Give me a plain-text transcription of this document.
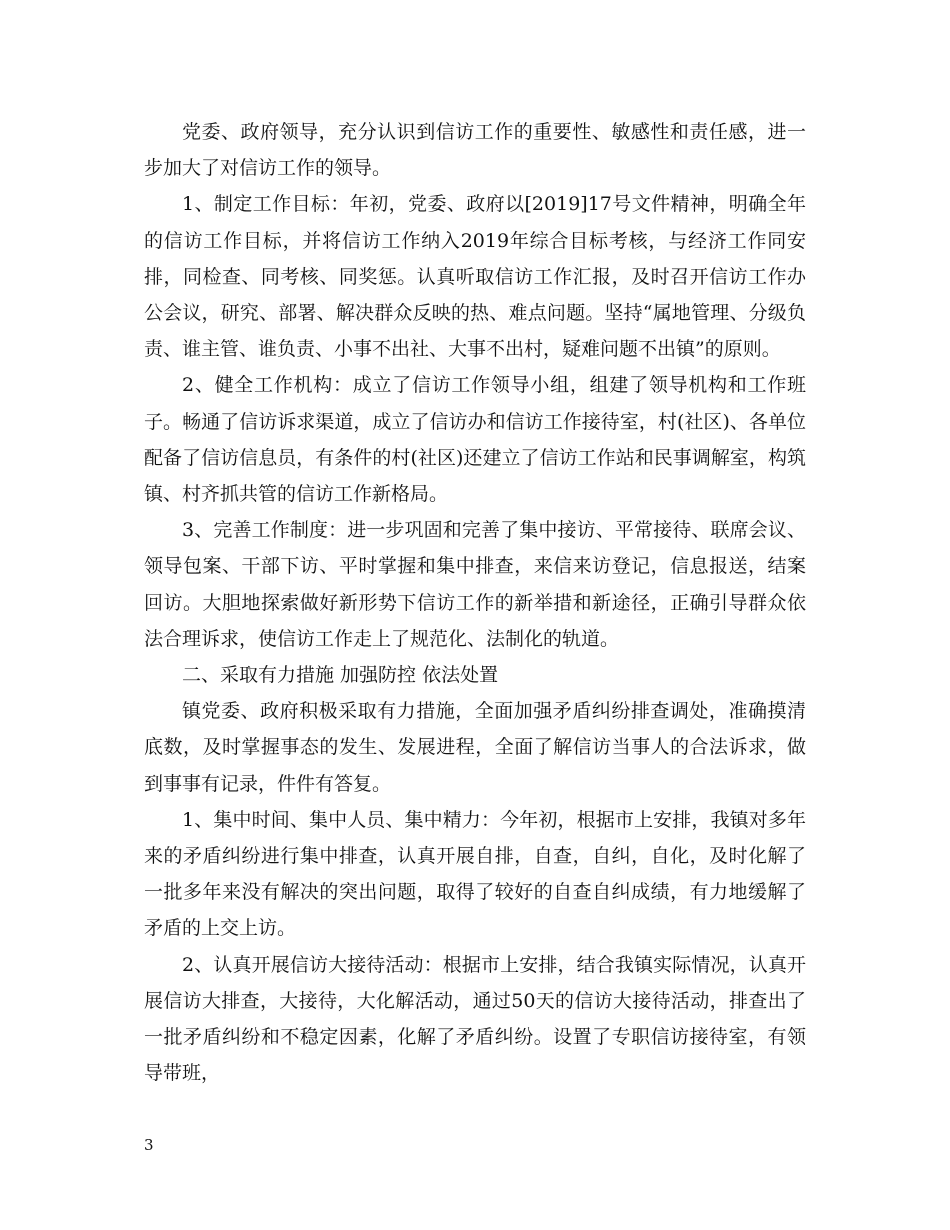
党委、政府领导，充分认识到信访工作的重要性、敏感性和责任感，进一步加大了对信访工作的领导。

1、制定工作目标：年初，党委、政府以[2019]17号文件精神，明确全年的信访工作目标，并将信访工作纳入2019年综合目标考核，与经济工作同安排，同检查、同考核、同奖惩。认真听取信访工作汇报，及时召开信访工作办公会议，研究、部署、解决群众反映的热、难点问题。坚持“属地管理、分级负责、谁主管、谁负责、小事不出社、大事不出村，疑难问题不出镇”的原则。

2、健全工作机构：成立了信访工作领导小组，组建了领导机构和工作班子。畅通了信访诉求渠道，成立了信访办和信访工作接待室，村(社区)、各单位配备了信访信息员，有条件的村(社区)还建立了信访工作站和民事调解室，构筑镇、村齐抓共管的信访工作新格局。

3、完善工作制度：进一步巩固和完善了集中接访、平常接待、联席会议、领导包案、干部下访、平时掌握和集中排查，来信来访登记，信息报送，结案回访。大胆地探索做好新形势下信访工作的新举措和新途径，正确引导群众依法合理诉求，使信访工作走上了规范化、法制化的轨道。

二、采取有力措施 加强防控 依法处置

镇党委、政府积极采取有力措施，全面加强矛盾纠纷排查调处，准确摸清底数，及时掌握事态的发生、发展进程，全面了解信访当事人的合法诉求，做到事事有记录，件件有答复。

1、集中时间、集中人员、集中精力：今年初，根据市上安排，我镇对多年来的矛盾纠纷进行集中排查，认真开展自排，自查，自纠，自化，及时化解了一批多年来没有解决的突出问题，取得了较好的自查自纠成绩，有力地缓解了矛盾的上交上访。

2、认真开展信访大接待活动：根据市上安排，结合我镇实际情况，认真开展信访大排查，大接待，大化解活动，通过50天的信访大接待活动，排查出了一批矛盾纠纷和不稳定因素，化解了矛盾纠纷。设置了专职信访接待室，有领导带班，

3
